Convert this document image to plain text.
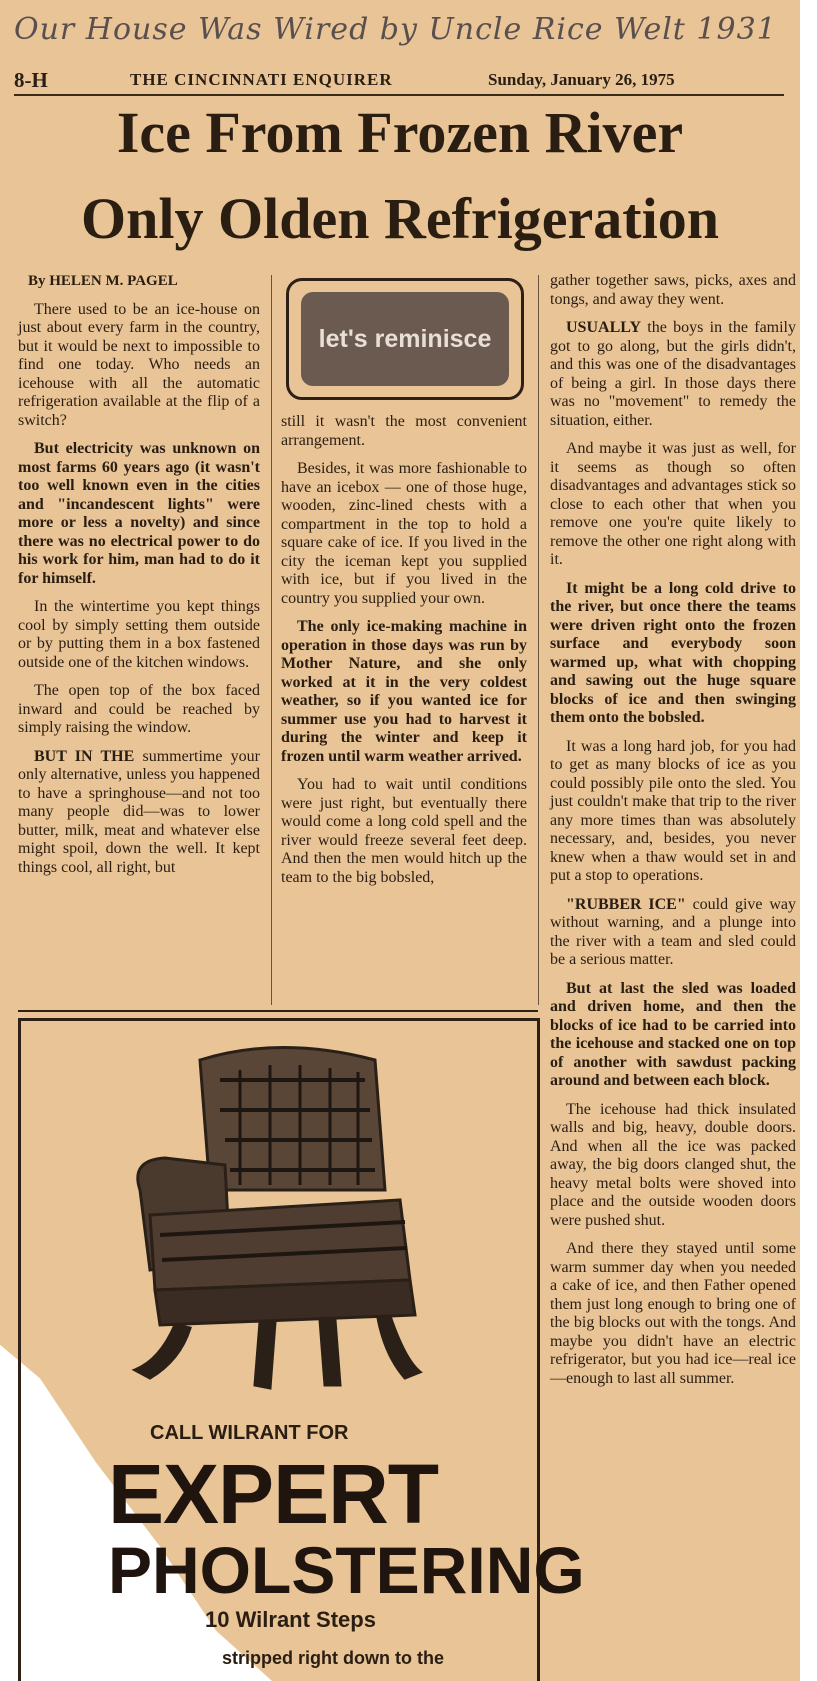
Our House Was Wired by Uncle Rice Welt 1931
8-H	THE CINCINNATI ENQUIRER	Sunday, January 26, 1975
Ice From Frozen River
Only Olden Refrigeration
let's reminisce

By HELEN M. PAGEL

There used to be an ice-house on just about every farm in the country, but it would be next to impossible to find one today. Who needs an icehouse with all the automatic refrigeration available at the flip of a switch?

But electricity was unknown on most farms 60 years ago (it wasn't too well known even in the cities and "incandescent lights" were more or less a novelty) and since there was no electrical power to do his work for him, man had to do it for himself.

In the wintertime you kept things cool by simply setting them outside or by putting them in a box fastened outside one of the kitchen windows.

The open top of the box faced inward and could be reached by simply raising the window.

BUT IN THE summertime your only alternative, unless you happened to have a springhouse—and not too many people did—was to lower butter, milk, meat and whatever else might spoil, down the well. It kept things cool, all right, but

still it wasn't the most convenient arrangement.

Besides, it was more fashionable to have an icebox — one of those huge, wooden, zinc-lined chests with a compartment in the top to hold a square cake of ice. If you lived in the city the iceman kept you supplied with ice, but if you lived in the country you supplied your own.

The only ice-making machine in operation in those days was run by Mother Nature, and she only worked at it in the very coldest weather, so if you wanted ice for summer use you had to harvest it during the winter and keep it frozen until warm weather arrived.

You had to wait until conditions were just right, but eventually there would come a long cold spell and the river would freeze several feet deep. And then the men would hitch up the team to the big bobsled,

gather together saws, picks, axes and tongs, and away they went.

USUALLY the boys in the family got to go along, but the girls didn't, and this was one of the disadvantages of being a girl. In those days there was no "movement" to remedy the situation, either.

And maybe it was just as well, for it seems as though so often disadvantages and advantages stick so close to each other that when you remove one you're quite likely to remove the other one right along with it.

It might be a long cold drive to the river, but once there the teams were driven right onto the frozen surface and everybody soon warmed up, what with chopping and sawing out the huge square blocks of ice and then swinging them onto the bobsled.

It was a long hard job, for you had to get as many blocks of ice as you could possibly pile onto the sled. You just couldn't make that trip to the river any more times than was absolutely necessary, and, besides, you never knew when a thaw would set in and put a stop to operations.

"RUBBER ICE" could give way without warning, and a plunge into the river with a team and sled could be a serious matter.

But at last the sled was loaded and driven home, and then the blocks of ice had to be carried into the icehouse and stacked one on top of another with sawdust packing around and between each block.

The icehouse had thick insulated walls and big, heavy, double doors. And when all the ice was packed away, the big doors clanged shut, the heavy metal bolts were shoved into place and the outside wooden doors were pushed shut.

And there they stayed until some warm summer day when you needed a cake of ice, and then Father opened them just long enough to bring one of the big blocks out with the tongs. And maybe you didn't have an electric refrigerator, but you had ice—real ice—enough to last all summer.

CALL WILRANT FOR
EXPERT
PHOLSTERING
10 Wilrant Steps
stripped right down to the
